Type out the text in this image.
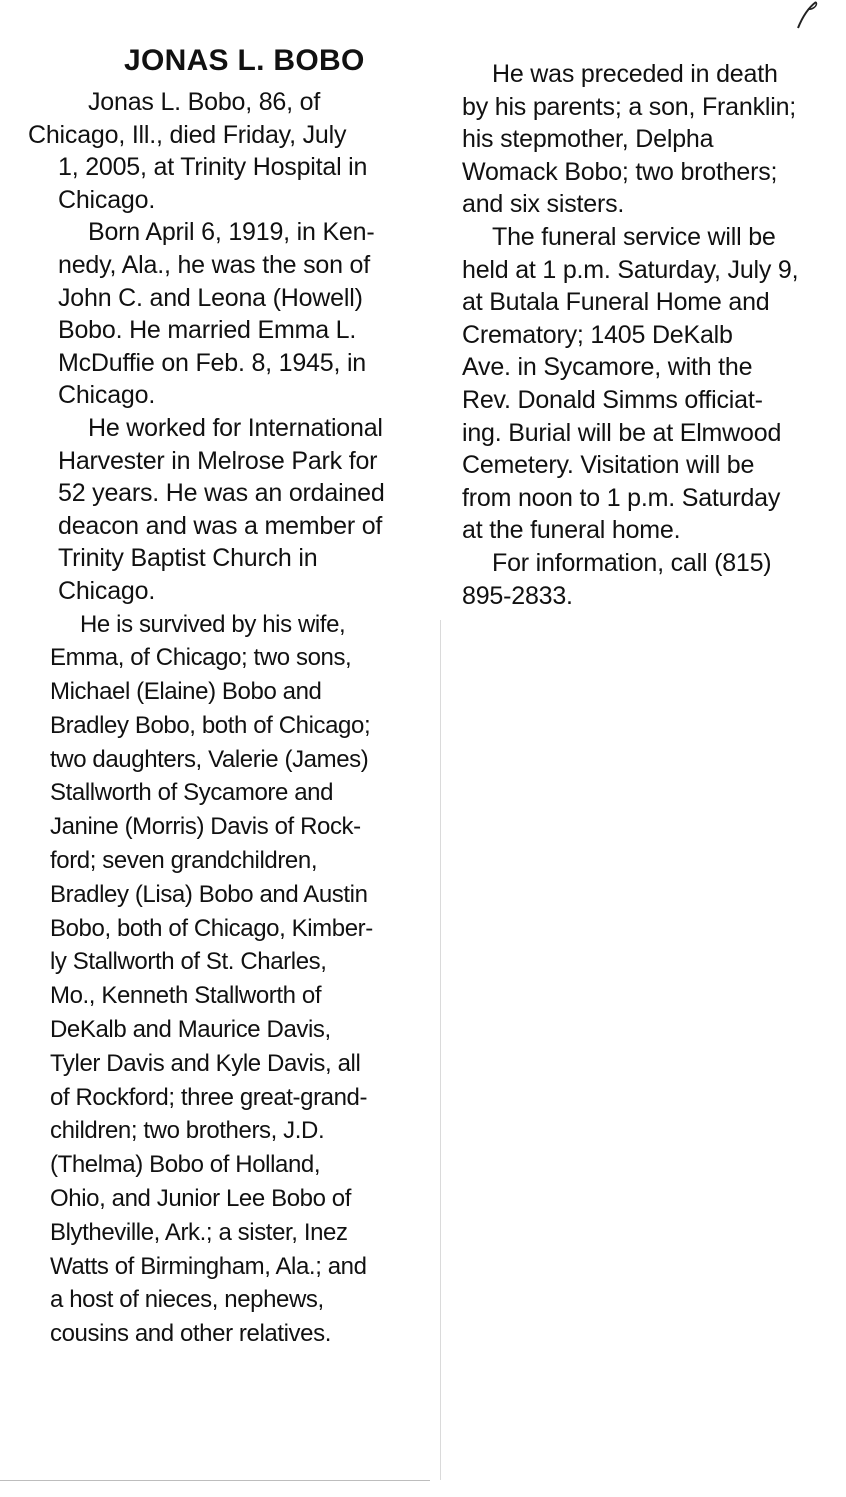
JONAS L. BOBO

Jonas L. Bobo, 86, of
Chicago, Ill., died Friday, July
1, 2005, at Trinity Hospital in
Chicago.

Born April 6, 1919, in Ken-
nedy, Ala., he was the son of
John C. and Leona (Howell)
Bobo. He married Emma L.
McDuffie on Feb. 8, 1945, in
Chicago.

He worked for International
Harvester in Melrose Park for
52 years. He was an ordained
deacon and was a member of
Trinity Baptist Church in
Chicago.

He is survived by his wife,
Emma, of Chicago; two sons,
Michael (Elaine) Bobo and
Bradley Bobo, both of Chicago;
two daughters, Valerie (James)
Stallworth of Sycamore and
Janine (Morris) Davis of Rock-
ford; seven grandchildren,
Bradley (Lisa) Bobo and Austin
Bobo, both of Chicago, Kimber-
ly Stallworth of St. Charles,
Mo., Kenneth Stallworth of
DeKalb and Maurice Davis,
Tyler Davis and Kyle Davis, all
of Rockford; three great-grand-
children; two brothers, J.D.
(Thelma) Bobo of Holland,
Ohio, and Junior Lee Bobo of
Blytheville, Ark.; a sister, Inez
Watts of Birmingham, Ala.; and
a host of nieces, nephews,
cousins and other relatives.

He was preceded in death
by his parents; a son, Franklin;
his stepmother, Delpha
Womack Bobo; two brothers;
and six sisters.

The funeral service will be
held at 1 p.m. Saturday, July 9,
at Butala Funeral Home and
Crematory; 1405 DeKalb
Ave. in Sycamore, with the
Rev. Donald Simms officiat-
ing. Burial will be at Elmwood
Cemetery. Visitation will be
from noon to 1 p.m. Saturday
at the funeral home.

For information, call (815)
895-2833.
